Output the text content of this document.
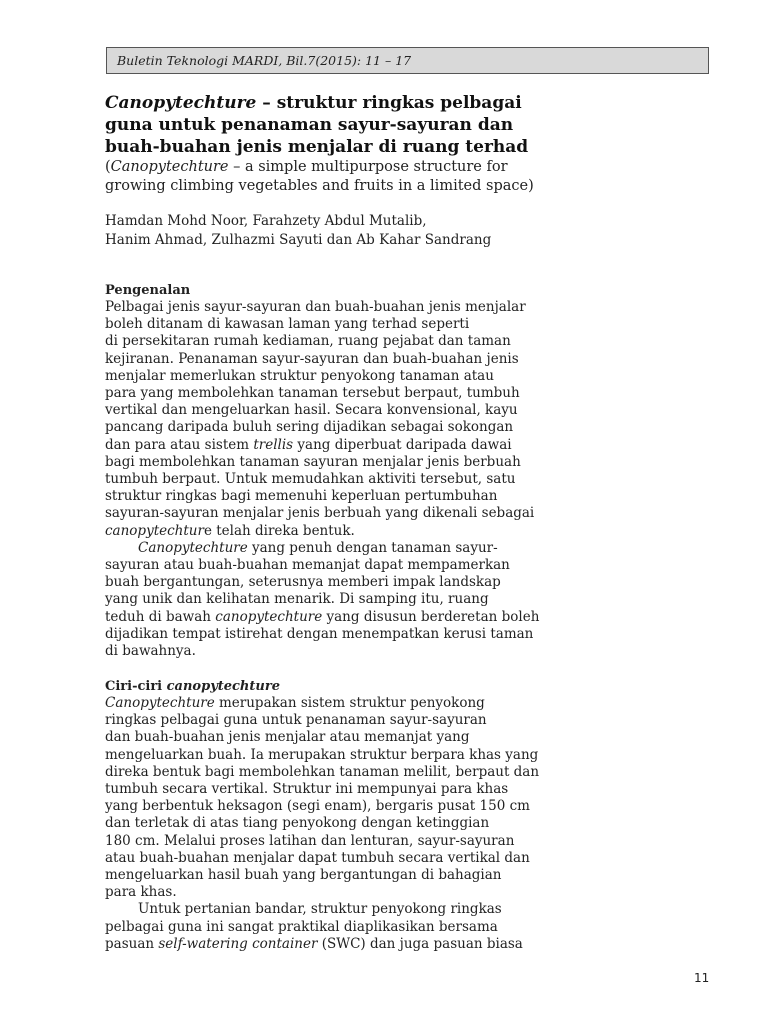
Buletin Teknologi MARDI, Bil.7(2015): 11 – 17
Canopytechture – struktur ringkas pelbagai
guna untuk penanaman sayur-sayuran dan
buah-buahan jenis menjalar di ruang terhad
(Canopytechture – a simple multipurpose structure for
growing climbing vegetables and fruits in a limited space)
Hamdan Mohd Noor, Farahzety Abdul Mutalib,
Hanim Ahmad, Zulhazmi Sayuti dan Ab Kahar Sandrang
Pengenalan
Pelbagai jenis sayur-sayuran dan buah-buahan jenis menjalar
boleh ditanam di kawasan laman yang terhad seperti
di persekitaran rumah kediaman, ruang pejabat dan taman
kejiranan. Penanaman sayur-sayuran dan buah-buahan jenis
menjalar memerlukan struktur penyokong tanaman atau
para yang membolehkan tanaman tersebut berpaut, tumbuh
vertikal dan mengeluarkan hasil. Secara konvensional, kayu
pancang daripada buluh sering dijadikan sebagai sokongan
dan para atau sistem trellis yang diperbuat daripada dawai
bagi membolehkan tanaman sayuran menjalar jenis berbuah
tumbuh berpaut. Untuk memudahkan aktiviti tersebut, satu
struktur ringkas bagi memenuhi keperluan pertumbuhan
sayuran-sayuran menjalar jenis berbuah yang dikenali sebagai
canopytechture telah direka bentuk.
Canopytechture yang penuh dengan tanaman sayur-
sayuran atau buah-buahan memanjat dapat mempamerkan
buah bergantungan, seterusnya memberi impak landskap
yang unik dan kelihatan menarik. Di samping itu, ruang
teduh di bawah canopytechture yang disusun berderetan boleh
dijadikan tempat istirehat dengan menempatkan kerusi taman
di bawahnya.
Ciri-ciri canopytechture
Canopytechture merupakan sistem struktur penyokong
ringkas pelbagai guna untuk penanaman sayur-sayuran
dan buah-buahan jenis menjalar atau memanjat yang
mengeluarkan buah. Ia merupakan struktur berpara khas yang
direka bentuk bagi membolehkan tanaman melilit, berpaut dan
tumbuh secara vertikal. Struktur ini mempunyai para khas
yang berbentuk heksagon (segi enam), bergaris pusat 150 cm
dan terletak di atas tiang penyokong dengan ketinggian
180 cm. Melalui proses latihan dan lenturan, sayur-sayuran
atau buah-buahan menjalar dapat tumbuh secara vertikal dan
mengeluarkan hasil buah yang bergantungan di bahagian
para khas.
Untuk pertanian bandar, struktur penyokong ringkas
pelbagai guna ini sangat praktikal diaplikasikan bersama
pasuan self-watering container (SWC) dan juga pasuan biasa
11
